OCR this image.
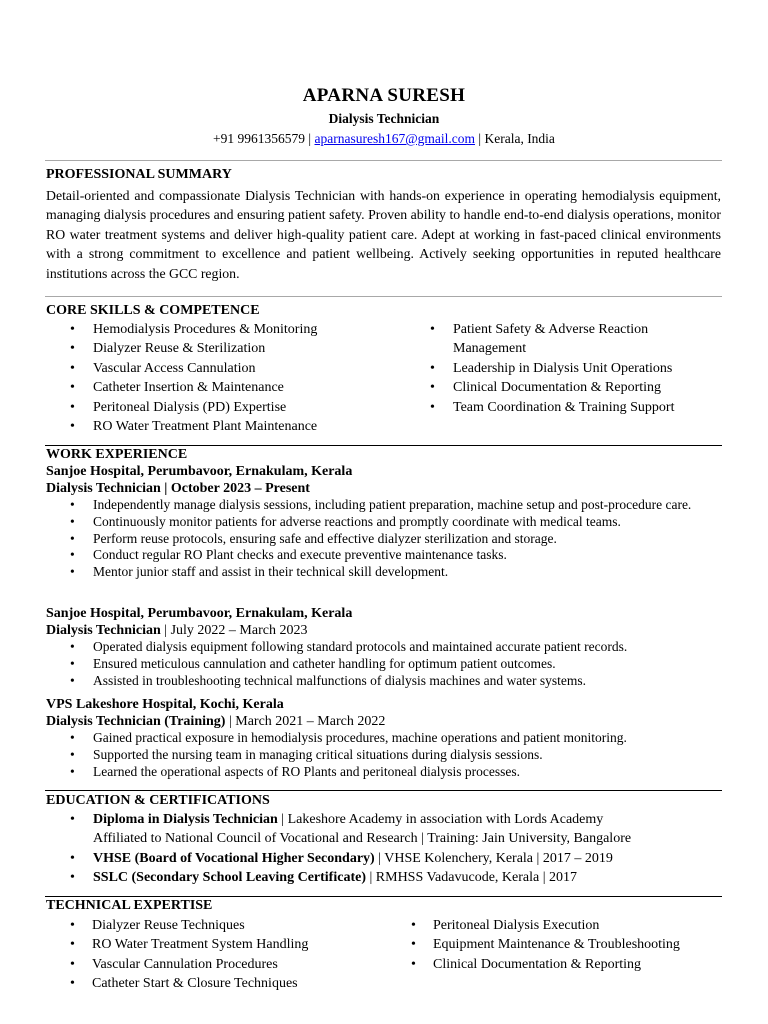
APARNA SURESH
Dialysis Technician
+91 9961356579 | aparnasuresh167@gmail.com | Kerala, India
PROFESSIONAL SUMMARY
Detail-oriented and compassionate Dialysis Technician with hands-on experience in operating hemodialysis equipment, managing dialysis procedures and ensuring patient safety. Proven ability to handle end-to-end dialysis operations, monitor RO water treatment systems and deliver high-quality patient care. Adept at working in fast-paced clinical environments with a strong commitment to excellence and patient wellbeing. Actively seeking opportunities in reputed healthcare institutions across the GCC region.
CORE SKILLS & COMPETENCE
• Hemodialysis Procedures & Monitoring
• Dialyzer Reuse & Sterilization
• Vascular Access Cannulation
• Catheter Insertion & Maintenance
• Peritoneal Dialysis (PD) Expertise
• RO Water Treatment Plant Maintenance
• Patient Safety & Adverse Reaction Management
• Leadership in Dialysis Unit Operations
• Clinical Documentation & Reporting
• Team Coordination & Training Support
WORK EXPERIENCE
Sanjoe Hospital, Perumbavoor, Ernakulam, Kerala
Dialysis Technician | October 2023 – Present
• Independently manage dialysis sessions, including patient preparation, machine setup and post-procedure care.
• Continuously monitor patients for adverse reactions and promptly coordinate with medical teams.
• Perform reuse protocols, ensuring safe and effective dialyzer sterilization and storage.
• Conduct regular RO Plant checks and execute preventive maintenance tasks.
• Mentor junior staff and assist in their technical skill development.
Sanjoe Hospital, Perumbavoor, Ernakulam, Kerala
Dialysis Technician | July 2022 – March 2023
• Operated dialysis equipment following standard protocols and maintained accurate patient records.
• Ensured meticulous cannulation and catheter handling for optimum patient outcomes.
• Assisted in troubleshooting technical malfunctions of dialysis machines and water systems.
VPS Lakeshore Hospital, Kochi, Kerala
Dialysis Technician (Training) | March 2021 – March 2022
• Gained practical exposure in hemodialysis procedures, machine operations and patient monitoring.
• Supported the nursing team in managing critical situations during dialysis sessions.
• Learned the operational aspects of RO Plants and peritoneal dialysis processes.
EDUCATION & CERTIFICATIONS
• Diploma in Dialysis Technician | Lakeshore Academy in association with Lords Academy
Affiliated to National Council of Vocational and Research | Training: Jain University, Bangalore
• VHSE (Board of Vocational Higher Secondary) | VHSE Kolenchery, Kerala | 2017 – 2019
• SSLC (Secondary School Leaving Certificate) | RMHSS Vadavucode, Kerala | 2017
TECHNICAL EXPERTISE
• Dialyzer Reuse Techniques
• RO Water Treatment System Handling
• Vascular Cannulation Procedures
• Catheter Start & Closure Techniques
• Peritoneal Dialysis Execution
• Equipment Maintenance & Troubleshooting
• Clinical Documentation & Reporting
